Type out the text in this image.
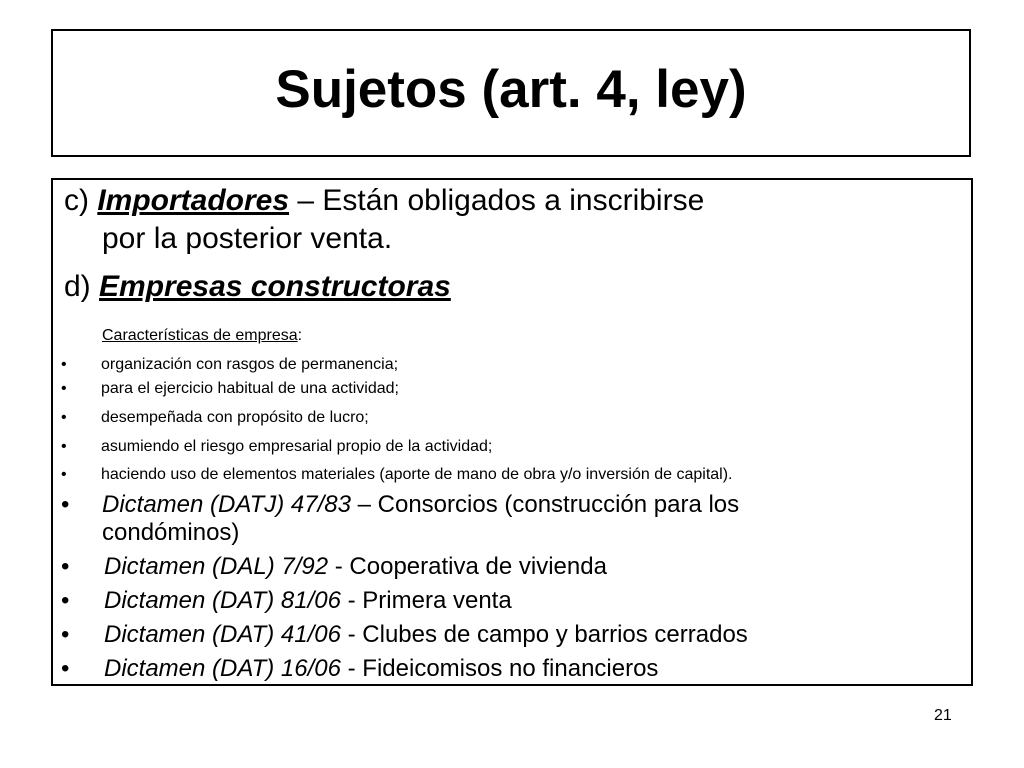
Sujetos (art. 4, ley)
c) Importadores – Están obligados a inscribirse
por la posterior venta.
d) Empresas constructoras
Características de empresa:
• organización con rasgos de permanencia;
• para el ejercicio habitual de una actividad;
• desempeñada con propósito de lucro;
• asumiendo el riesgo empresarial propio de la actividad;
• haciendo uso de elementos materiales (aporte de mano de obra y/o inversión de capital).
• Dictamen (DATJ) 47/83 – Consorcios (construcción para los
condóminos)
• Dictamen (DAL) 7/92 - Cooperativa de vivienda
• Dictamen (DAT) 81/06 - Primera venta
• Dictamen (DAT) 41/06 - Clubes de campo y barrios cerrados
• Dictamen (DAT) 16/06 - Fideicomisos no financieros
21
